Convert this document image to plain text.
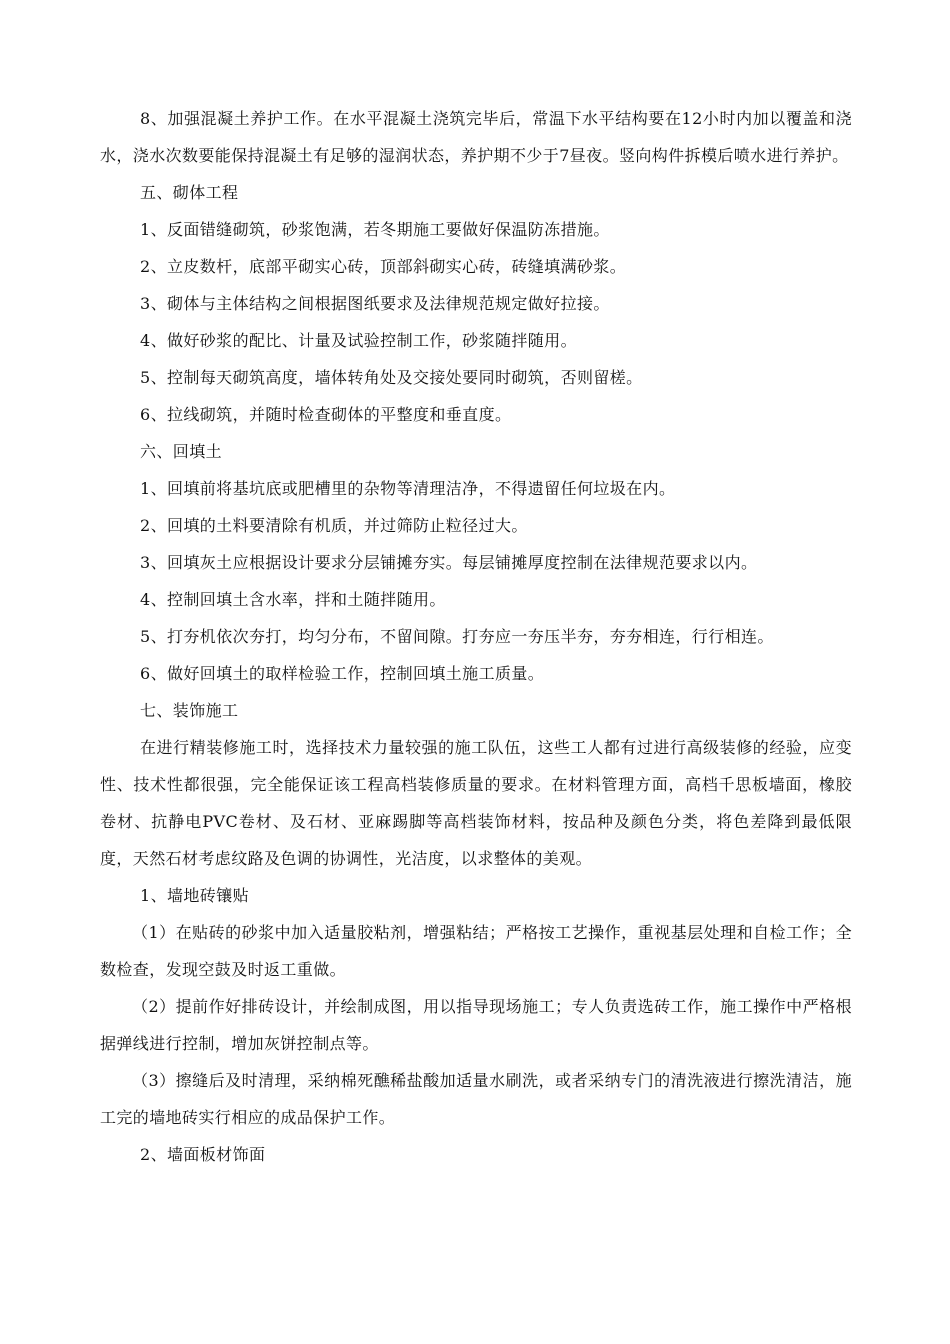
8、加强混凝土养护工作。在水平混凝土浇筑完毕后，常温下水平结构要在12小时内加以覆盖和浇水，浇水次数要能保持混凝土有足够的湿润状态，养护期不少于7昼夜。竖向构件拆模后喷水进行养护。

五、砌体工程

1、反面错缝砌筑，砂浆饱满，若冬期施工要做好保温防冻措施。

2、立皮数杆，底部平砌实心砖，顶部斜砌实心砖，砖缝填满砂浆。

3、砌体与主体结构之间根据图纸要求及法律规范规定做好拉接。

4、做好砂浆的配比、计量及试验控制工作，砂浆随拌随用。

5、控制每天砌筑高度，墙体转角处及交接处要同时砌筑，否则留槎。

6、拉线砌筑，并随时检查砌体的平整度和垂直度。

六、回填土

1、回填前将基坑底或肥槽里的杂物等清理洁净，不得遗留任何垃圾在内。

2、回填的土料要清除有机质，并过筛防止粒径过大。

3、回填灰土应根据设计要求分层铺摊夯实。每层铺摊厚度控制在法律规范要求以内。

4、控制回填土含水率，拌和土随拌随用。

5、打夯机依次夯打，均匀分布，不留间隙。打夯应一夯压半夯，夯夯相连，行行相连。

6、做好回填土的取样检验工作，控制回填土施工质量。

七、装饰施工

在进行精装修施工时，选择技术力量较强的施工队伍，这些工人都有过进行高级装修的经验，应变性、技术性都很强，完全能保证该工程高档装修质量的要求。在材料管理方面，高档千思板墙面，橡胶卷材、抗静电PVC卷材、及石材、亚麻踢脚等高档装饰材料，按品种及颜色分类，将色差降到最低限度，天然石材考虑纹路及色调的协调性，光洁度，以求整体的美观。

1、墙地砖镶贴

（1）在贴砖的砂浆中加入适量胶粘剂，增强粘结；严格按工艺操作，重视基层处理和自检工作；全数检查，发现空鼓及时返工重做。

（2）提前作好排砖设计，并绘制成图，用以指导现场施工；专人负责选砖工作，施工操作中严格根据弹线进行控制，增加灰饼控制点等。

（3）擦缝后及时清理，采纳棉死醮稀盐酸加适量水刷洗，或者采纳专门的清洗液进行擦洗清洁，施工完的墙地砖实行相应的成品保护工作。

2、墙面板材饰面
